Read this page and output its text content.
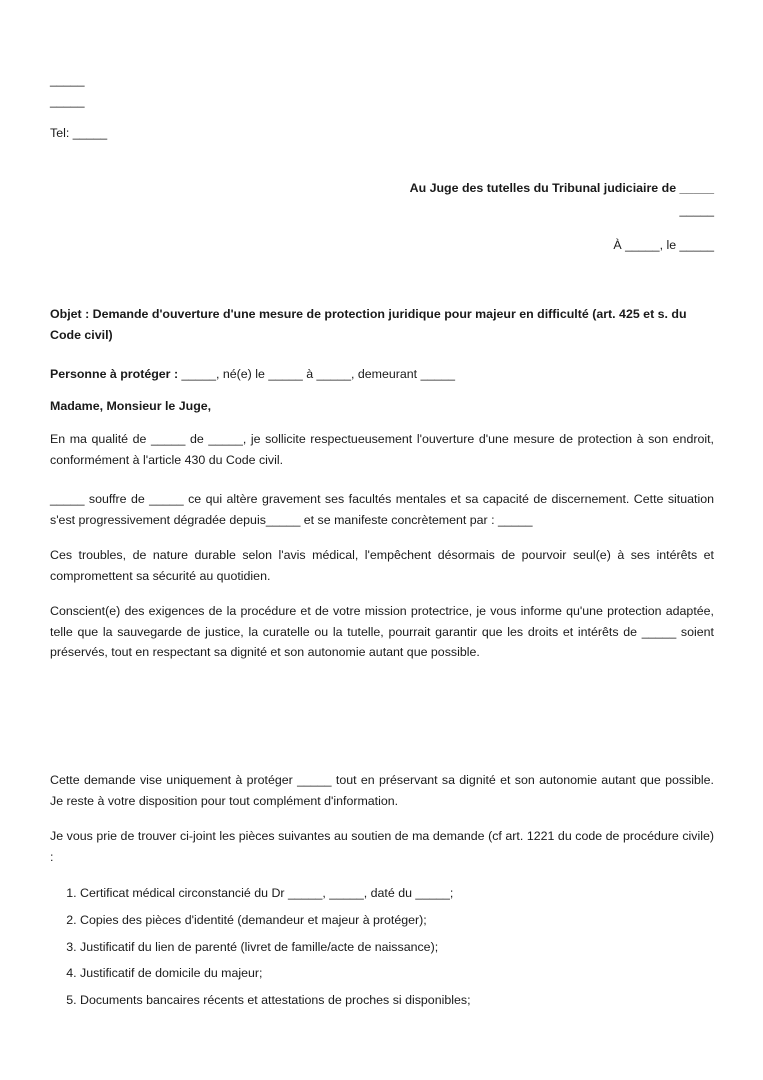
_____
_____
Tel: _____
Au Juge des tutelles du Tribunal judiciaire de _____
_____
À _____, le _____
Objet : Demande d'ouverture d'une mesure de protection juridique pour majeur en difficulté (art. 425 et s. du Code civil)
Personne à protéger : _____, né(e) le _____ à _____, demeurant _____
Madame, Monsieur le Juge,
En ma qualité de _____ de _____, je sollicite respectueusement l'ouverture d'une mesure de protection à son endroit, conformément à l'article 430 du Code civil.
_____ souffre de _____ ce qui altère gravement ses facultés mentales et sa capacité de discernement. Cette situation s'est progressivement dégradée depuis_____ et se manifeste concrètement par : _____
Ces troubles, de nature durable selon l'avis médical, l'empêchent désormais de pourvoir seul(e) à ses intérêts et compromettent sa sécurité au quotidien.
Conscient(e) des exigences de la procédure et de votre mission protectrice, je vous informe qu'une protection adaptée, telle que la sauvegarde de justice, la curatelle ou la tutelle, pourrait garantir que les droits et intérêts de _____ soient préservés, tout en respectant sa dignité et son autonomie autant que possible.
Cette demande vise uniquement à protéger _____ tout en préservant sa dignité et son autonomie autant que possible. Je reste à votre disposition pour tout complément d'information.
Je vous prie de trouver ci-joint les pièces suivantes au soutien de ma demande (cf art. 1221 du code de procédure civile) :
1. Certificat médical circonstancié du Dr _____, _____, daté du _____;
2. Copies des pièces d'identité (demandeur et majeur à protéger);
3. Justificatif du lien de parenté (livret de famille/acte de naissance);
4. Justificatif de domicile du majeur;
5. Documents bancaires récents et attestations de proches si disponibles;
